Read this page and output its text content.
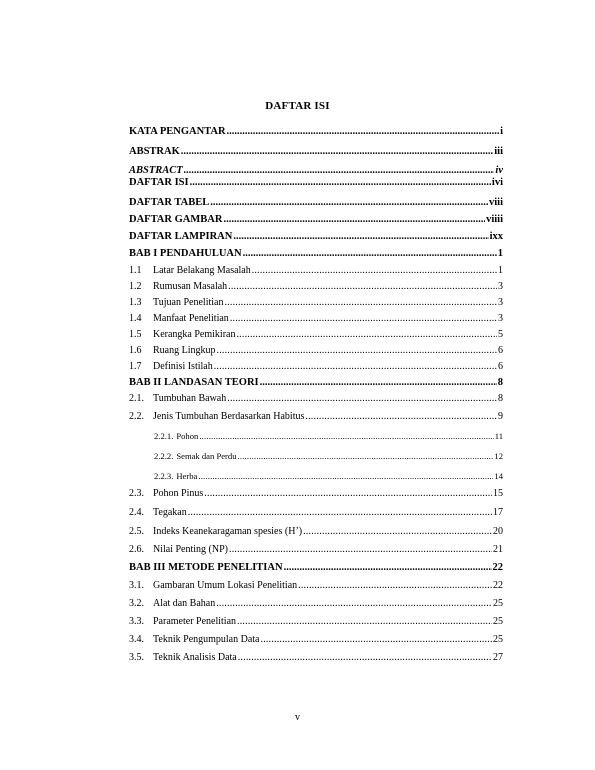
DAFTAR ISI
KATA PENGANTAR .....	i
ABSTRAK .....	iii
ABSTRACT .....	iv
DAFTAR ISI .....	ivi
DAFTAR TABEL .....	viii
DAFTAR GAMBAR .....	viiii
DAFTAR LAMPIRAN .....	ixx
BAB I PENDAHULUAN .....	1
1.1	Latar Belakang Masalah .....	1
1.2	Rumusan Masalah .....	3
1.3	Tujuan Penelitian .....	3
1.4	Manfaat Penelitian .....	3
1.5	Kerangka Pemikiran .....	5
1.6	Ruang Lingkup .....	6
1.7	Definisi Istilah .....	6
BAB II LANDASAN TEORI .....	8
2.1. Tumbuhan Bawah .....	8
2.2. Jenis Tumbuhan Berdasarkan Habitus .....	9
2.2.1. Pohon .....	11
2.2.2. Semak dan Perdu .....	12
2.2.3. Herba .....	14
2.3. Pohon Pinus .....	15
2.4. Tegakan .....	17
2.5. Indeks Keanekaragaman spesies (H’) .....	20
2.6. Nilai Penting (NP) .....	21
BAB III METODE PENELITIAN .....	22
3.1. Gambaran Umum Lokasi Penelitian .....	22
3.2. Alat dan Bahan .....	25
3.3. Parameter Penelitian .....	25
3.4. Teknik Pengumpulan Data .....	25
3.5. Teknik Analisis Data .....	27
v
